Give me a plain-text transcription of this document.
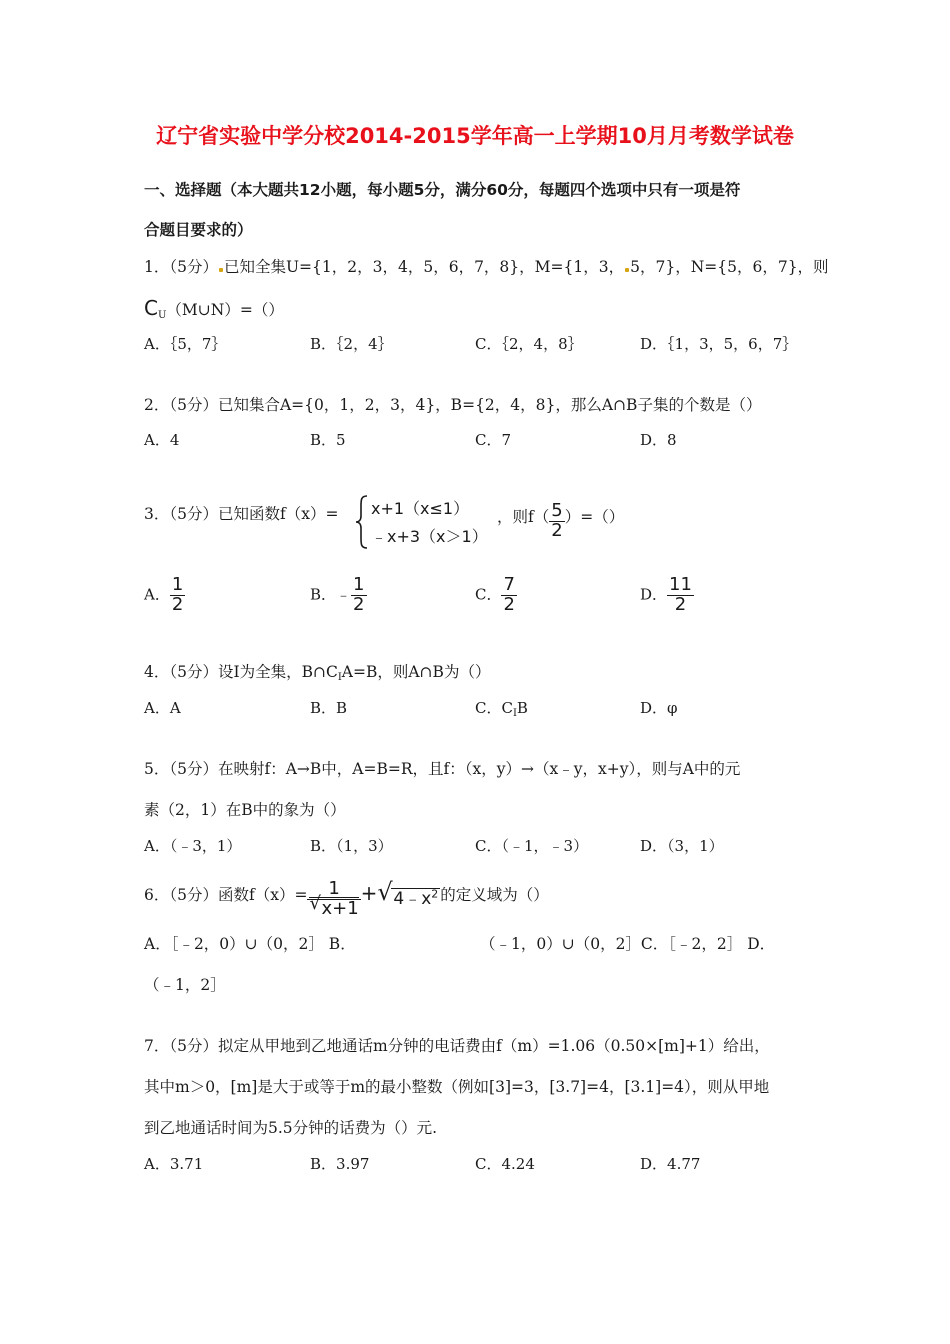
辽宁省实验中学分校2014-2015学年高一上学期10月月考数学试卷
一、选择题（本大题共12小题，每小题5分，满分60分，每题四个选项中只有一项是符
合题目要求的）
1．（5分） 已知全集U={1，2，3，4，5，6，7，8}，M={1，3， 5，7}，N={5，6，7}，则
$C_U(M\cup N)=()$
A．｛5，7｝	B．｛2，4｝	C．｛2，4，8｝	D．｛1，3，5，6，7｝
2．（5分）已知集合A={0，1，2，3，4}，B={2，4，8}，那么A∩B子集的个数是（）
A．4	B．5	C．7	D．8
3．（5分）已知函数f（x）= x+1（x≤1）
﹣x+3（x＞1）
，则$f( \frac{5}{2}$ ）=（）
A． $\frac{1}{2}$	B．﹣ $\frac{1}{2}$	C． $\frac{7}{2}$	D． $\frac{11}{2}$
4．（5分）设I为全集，$B\cap C_IA=B$，则A∩B为（）
A．A	B．B	C．$C_IB$	D．φ
5．（5分）在映射f：A→B中，A=B=R，且f：（x，y）→（x﹣y，x+y），则与A中的元
素（2，1）在B中的象为（）
A．（﹣3，1）	B．（1，3）	C．（﹣1，﹣3）	D．（3，1）
6．（5分）函数$f(x)= \frac{1}{√ x+1}$ + √ $4﹣x^2$ 的定义域为（）
A．［﹣2，0）∪（0，2］ B．	（﹣1，0）∪（0，2］C．［﹣2，2］ D．
（﹣1，2］
7．（5分）拟定从甲地到乙地通话m分钟的电话费由f（m）=1.06（0.50×[m]+1）给出，
其中m＞0，[m]是大于或等于m的最小整数（例如[3]=3，[3.7]=4，[3.1]=4），则从甲地
到乙地通话时间为5.5分钟的话费为（）元.
A．3.71	B．3.97	C．4.24	D．4.77
